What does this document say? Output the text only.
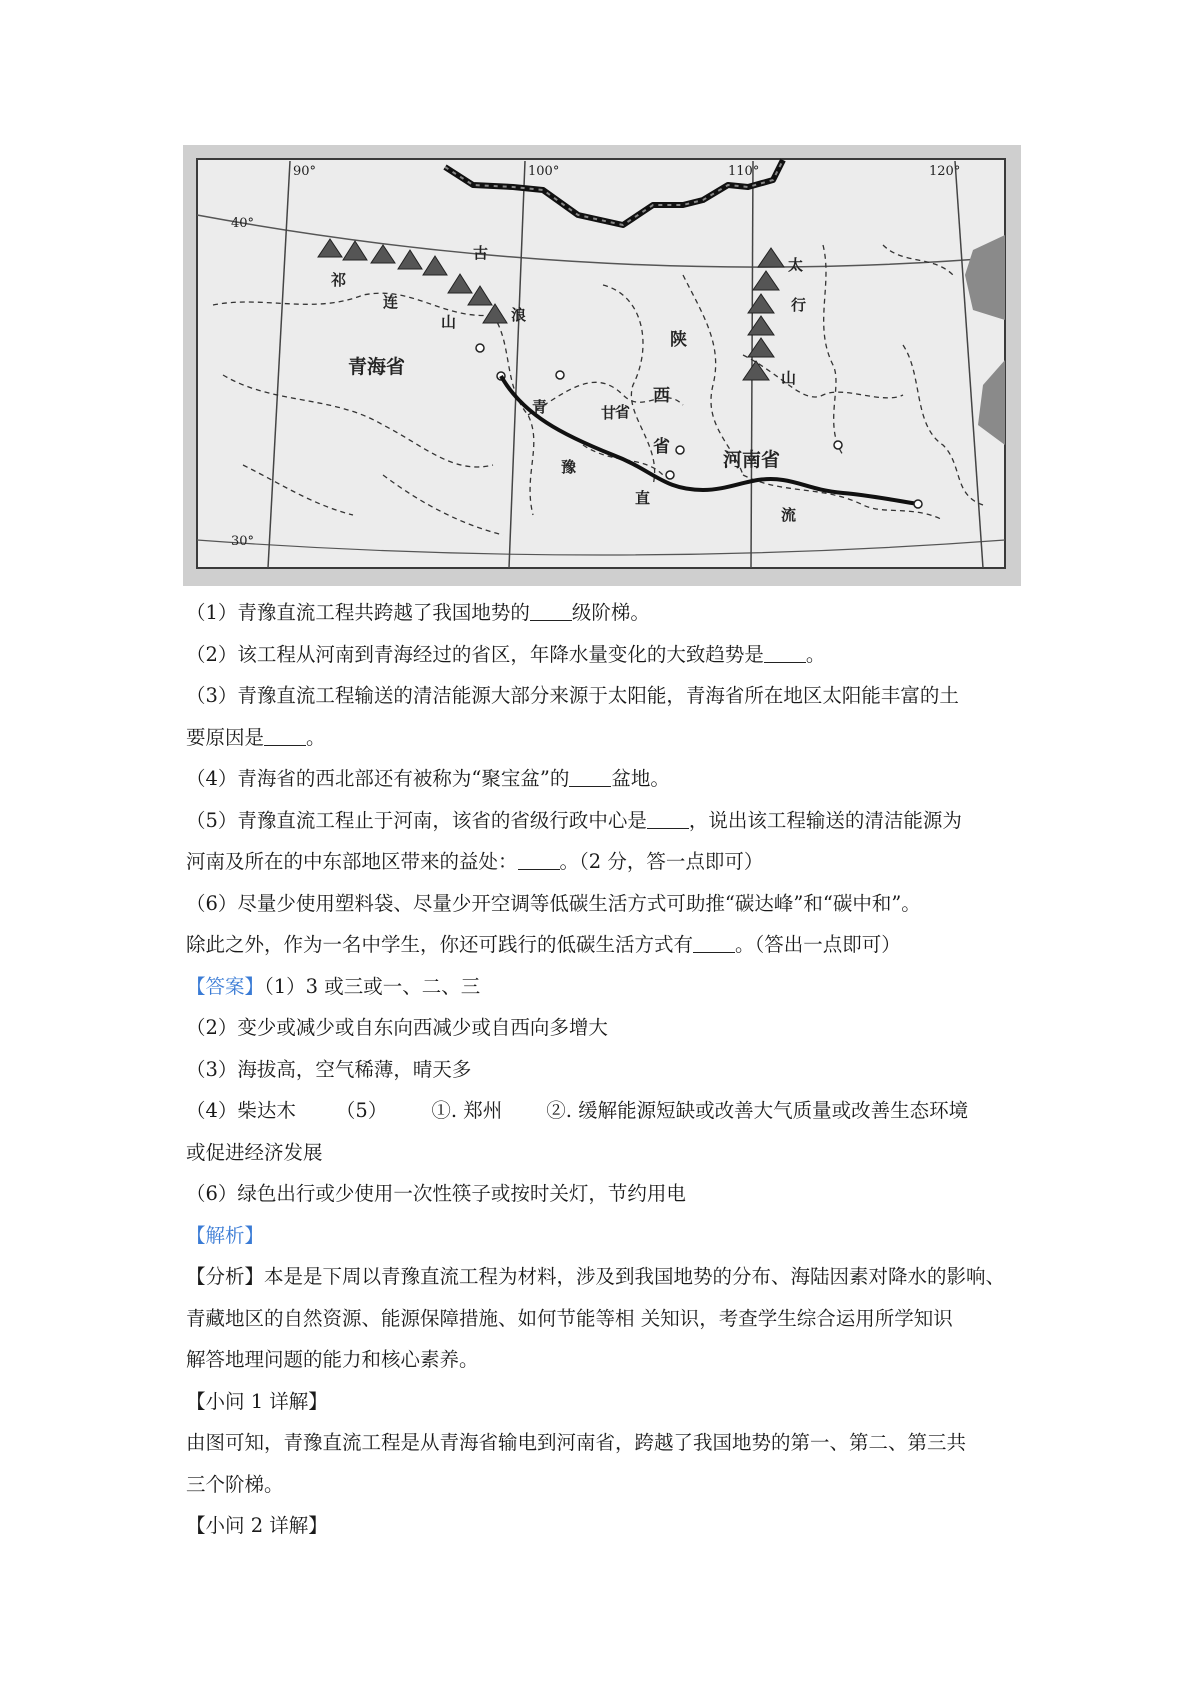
90°	100°	110°	120°
40°
30°
青海省
河南省
祁
连
山
古
浪
甘
省
陕
西
省
太
行
山
青
豫
直
流
（1）青豫直流工程共跨越了我国地势的 级阶梯。
（2）该工程从河南到青海经过的省区，年降水量变化的大致趋势是 。
（3）青豫直流工程输送的清洁能源大部分来源于太阳能，青海省所在地区太阳能丰富的土
要原因是 。
（4）青海省的西北部还有被称为“聚宝盆”的 盆地。
（5）青豫直流工程止于河南，该省的省级行政中心是 ，说出该工程输送的清洁能源为
河南及所在的中东部地区带来的益处： 。（2 分，答一点即可）
（6）尽量少使用塑料袋、尽量少开空调等低碳生活方式可助推“碳达峰”和“碳中和”。
除此之外，作为一名中学生，你还可践行的低碳生活方式有 。（答出一点即可）
【答案】（1）3 或三或一、二、三
（2）变少或减少或自东向西减少或自西向多增大
（3）海拔高，空气稀薄，晴天多
（4）柴达木 （5） ①. 郑州 ②. 缓解能源短缺或改善大气质量或改善生态环境
或促进经济发展
（6）绿色出行或少使用一次性筷子或按时关灯，节约用电
【解析】
【分析】本是是下周以青豫直流工程为材料，涉及到我国地势的分布、海陆因素对降水的影响、
青藏地区的自然资源、能源保障措施、如何节能等相 关知识，考查学生综合运用所学知识
解答地理问题的能力和核心素养。
【小问 1 详解】
由图可知，青豫直流工程是从青海省输电到河南省，跨越了我国地势的第一、第二、第三共
三个阶梯。
【小问 2 详解】
